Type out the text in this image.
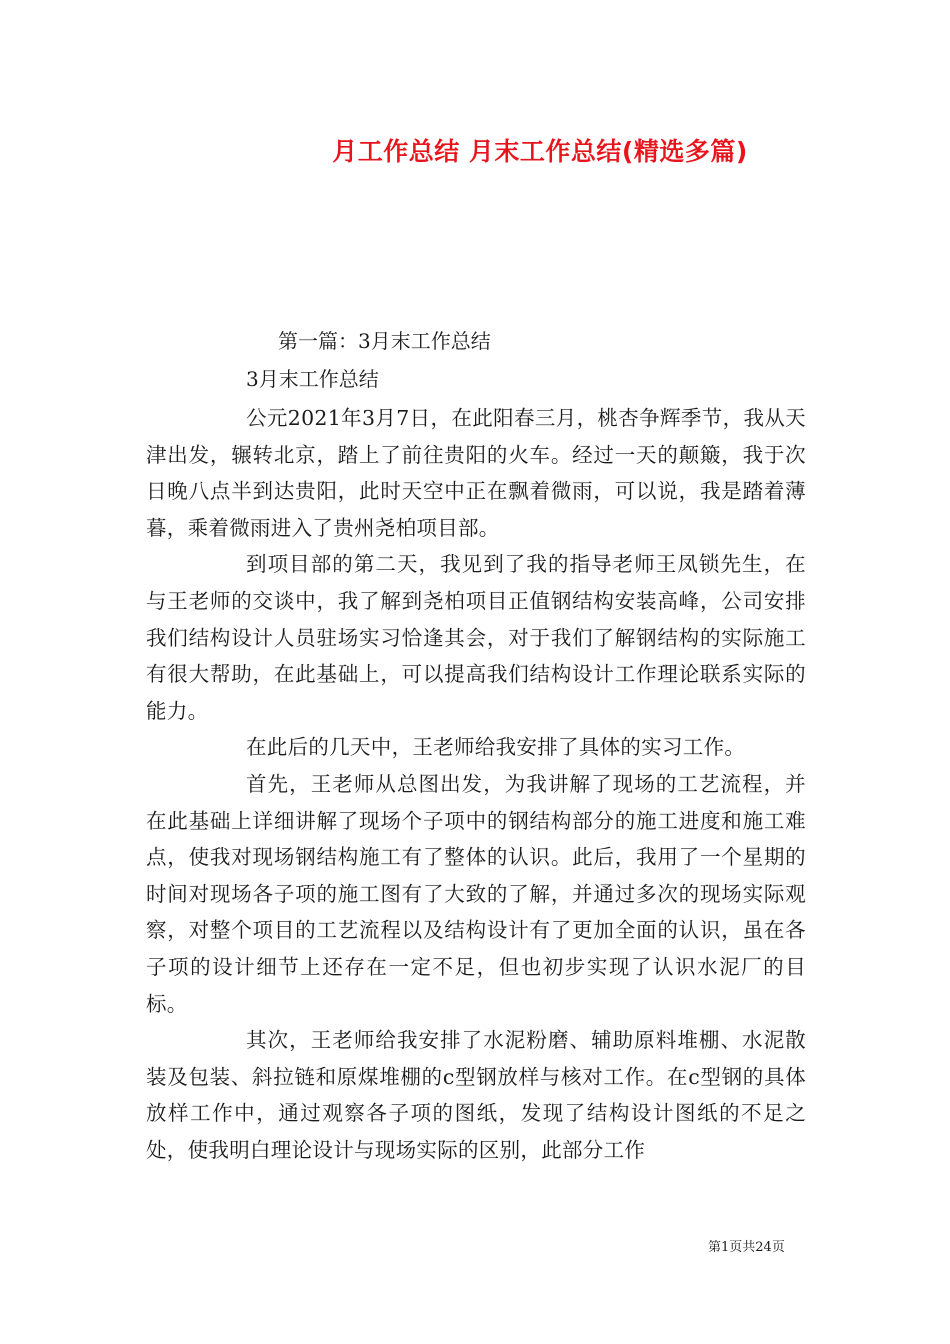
月工作总结 月末工作总结(精选多篇)
第一篇：3月末工作总结
3月末工作总结

公元2021年3月7日，在此阳春三月，桃杏争辉季节，我从天津出发，辗转北京，踏上了前往贵阳的火车。经过一天的颠簸，我于次日晚八点半到达贵阳，此时天空中正在飘着微雨，可以说，我是踏着薄暮，乘着微雨进入了贵州尧柏项目部。

到项目部的第二天，我见到了我的指导老师王凤锁先生，在与王老师的交谈中，我了解到尧柏项目正值钢结构安装高峰，公司安排我们结构设计人员驻场实习恰逢其会，对于我们了解钢结构的实际施工有很大帮助，在此基础上，可以提高我们结构设计工作理论联系实际的能力。

在此后的几天中，王老师给我安排了具体的实习工作。

首先，王老师从总图出发，为我讲解了现场的工艺流程，并在此基础上详细讲解了现场个子项中的钢结构部分的施工进度和施工难点，使我对现场钢结构施工有了整体的认识。此后，我用了一个星期的时间对现场各子项的施工图有了大致的了解，并通过多次的现场实际观察，对整个项目的工艺流程以及结构设计有了更加全面的认识，虽在各子项的设计细节上还存在一定不足，但也初步实现了认识水泥厂的目标。

其次，王老师给我安排了水泥粉磨、辅助原料堆棚、水泥散装及包装、斜拉链和原煤堆棚的c型钢放样与核对工作。在c型钢的具体放样工作中，通过观察各子项的图纸，发现了结构设计图纸的不足之处，使我明白理论设计与现场实际的区别，此部分工作

第1页共24页
